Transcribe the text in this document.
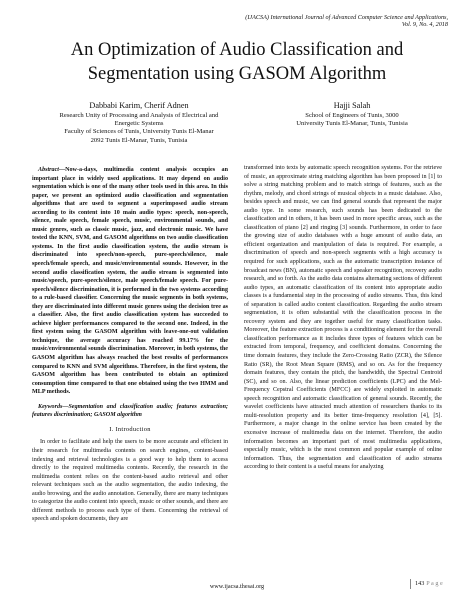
(IJACSA) International Journal of Advanced Computer Science and Applications,
Vol. 9, No. 4, 2018
An Optimization of Audio Classification and
Segmentation using GASOM Algorithm
Dabbabi Karim, Cherif Adnen
Research Unity of Processing and Analysis of Electrical and
Energetic Systems
Faculty of Sciences of Tunis, University Tunis El-Manar
2092 Tunis El-Manar, Tunis, Tunisia
Hajji Salah
School of Engineers of Tunis, 3000
University Tunis El-Manar, Tunis, Tunisia

Abstract—Now-a-days, multimedia content analysis occupies an important place in widely used applications. It may depend on audio segmentation which is one of the many other tools used in this area. In this paper, we present an optimized audio classification and segmentation algorithms that are used to segment a superimposed audio stream according to its content into 10 main audio types: speech, non-speech, silence, male speech, female speech, music, environmental sounds, and music genres, such as classic music, jazz, and electronic music. We have tested the KNN, SVM, and GASOM algorithms on two audio classification systems. In the first audio classification system, the audio stream is discriminated into speech/non-speech, pure-speech/silence, male speech/female speech, and music/environmental sounds. However, in the second audio classification system, the audio stream is segmented into music/speech, pure-speech/silence, male speech/female speech. For pure-speech/silence discrimination, it is performed in the two systems according to a rule-based classifier. Concerning the music segments in both systems, they are discriminated into different music genres using the decision tree as a classifier. Also, the first audio classification system has succeeded to achieve higher performances compared to the second one. Indeed, in the first system using the GASOM algorithm with leave-one-out validation technique, the average accuracy has reached 99.17% for the music/environmental sounds discrimination. Moreover, in both systems, the GASOM algorithm has always reached the best results of performances compared to KNN and SVM algorithms. Therefore, in the first system, the GASOM algorithm has been contributed to obtain an optimized consumption time compared to that one obtained using the two HMM and MLP methods.

Keywords—Segmentation and classification audio; features extraction; features discrimination; GASOM algorithm

I. Introduction

In order to facilitate and help the users to be more accurate and efficient in their research for multimedia contents on search engines, content-based indexing and retrieval technologies is a good way to help them to access directly to the required multimedia contents. Recently, the research in the multimedia content relies on the content-based audio retrieval and other relevant techniques such as the audio segmentation, the audio indexing, the audio browsing, and the audio annotation. Generally, there are many techniques to categorize the audio content into speech, music or other sounds, and there are different methods to process each type of them. Concerning the retrieval of speech and spoken documents, they are

transformed into texts by automatic speech recognition systems. For the retrieve of music, an approximate string matching algorithm has been proposed in [1] to solve a string matching problem and to match strings of features, such as the rhythm, melody, and chord strings of musical objects in a music database. Also, besides speech and music, we can find general sounds that represent the major audio type. In some research, such sounds has been dedicated to the classification and in others, it has been used in more specific areas, such as the classification of piano [2] and ringing [3] sounds. Furthermore, in order to face the growing size of audio databases with a huge amount of audio data, an efficient organization and manipulation of data is required. For example, a discrimination of speech and non-speech segments with a high accuracy is required for such applications, such as the automatic transcription instance of broadcast news (BN), automatic speech and speaker recognition, recovery audio research, and so forth. As the audio data contains alternating sections of different audio types, an automatic classification of its content into appropriate audio classes is a fundamental step in the processing of audio streams. Thus, this kind of separation is called audio content classification. Regarding the audio stream segmentation, it is often substantial with the classification process in the recovery system and they are together useful for many classification tasks. Moreover, the feature extraction process is a conditioning element for the overall classification performance as it includes three types of features which can be extracted from temporal, frequency, and coefficient domains. Concerning the time domain features, they include the Zero-Crossing Ratio (ZCR), the Silence Ratio (SR), the Root Mean Square (RMS), and so on. As for the frequency domain features, they contain the pitch, the bandwidth, the Spectral Centroid (SC), and so on. Also, the linear prediction coefficients (LPC) and the Mel-Frequency Cepstral Coefficients (MFCC) are widely exploited in automatic speech recognition and automatic classification of general sounds. Recently, the wavelet coefficients have attracted much attention of researchers thanks to its multi-resolution property and its better time-frequency resolution [4], [5]. Furthermore, a major change in the online service has been created by the excessive increase of multimedia data on the internet. Therefore, the audio information becomes an important part of most multimedia applications, especially music, which is the most common and popular example of online information. Thus, the segmentation and classification of audio streams according to their content is a useful means for analyzing

www.ijacsa.thesai.org	143 P a g e
